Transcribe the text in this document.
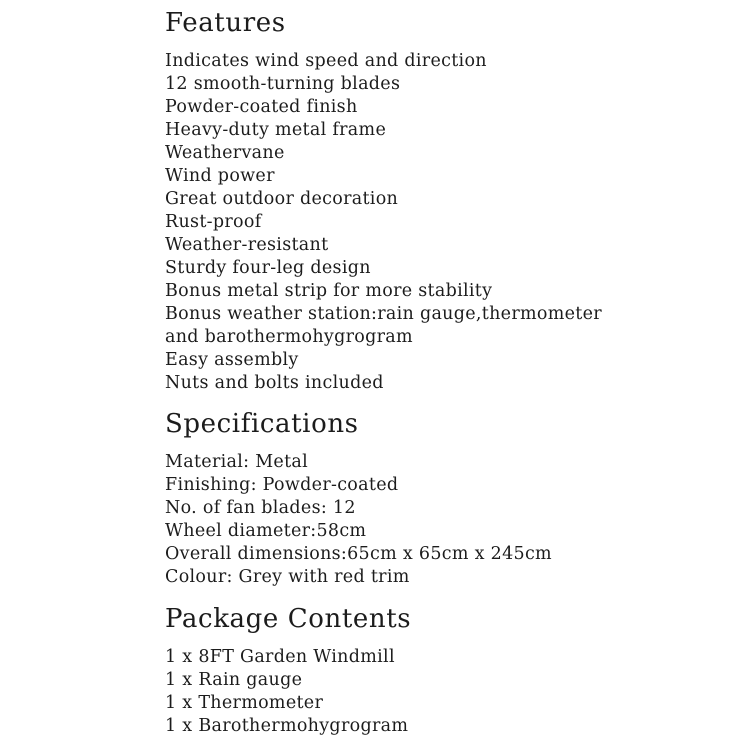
Features
Indicates wind speed and direction
12 smooth-turning blades
Powder-coated finish
Heavy-duty metal frame
Weathervane
Wind power
Great outdoor decoration
Rust-proof
Weather-resistant
Sturdy four-leg design
Bonus metal strip for more stability
Bonus weather station:rain gauge,thermometer
and barothermohygrogram
Easy assembly
Nuts and bolts included
Specifications
Material: Metal
Finishing: Powder-coated
No. of fan blades: 12
Wheel diameter:58cm
Overall dimensions:65cm x 65cm x 245cm
Colour: Grey with red trim
Package Contents
1 x 8FT Garden Windmill
1 x Rain gauge
1 x Thermometer
1 x Barothermohygrogram
